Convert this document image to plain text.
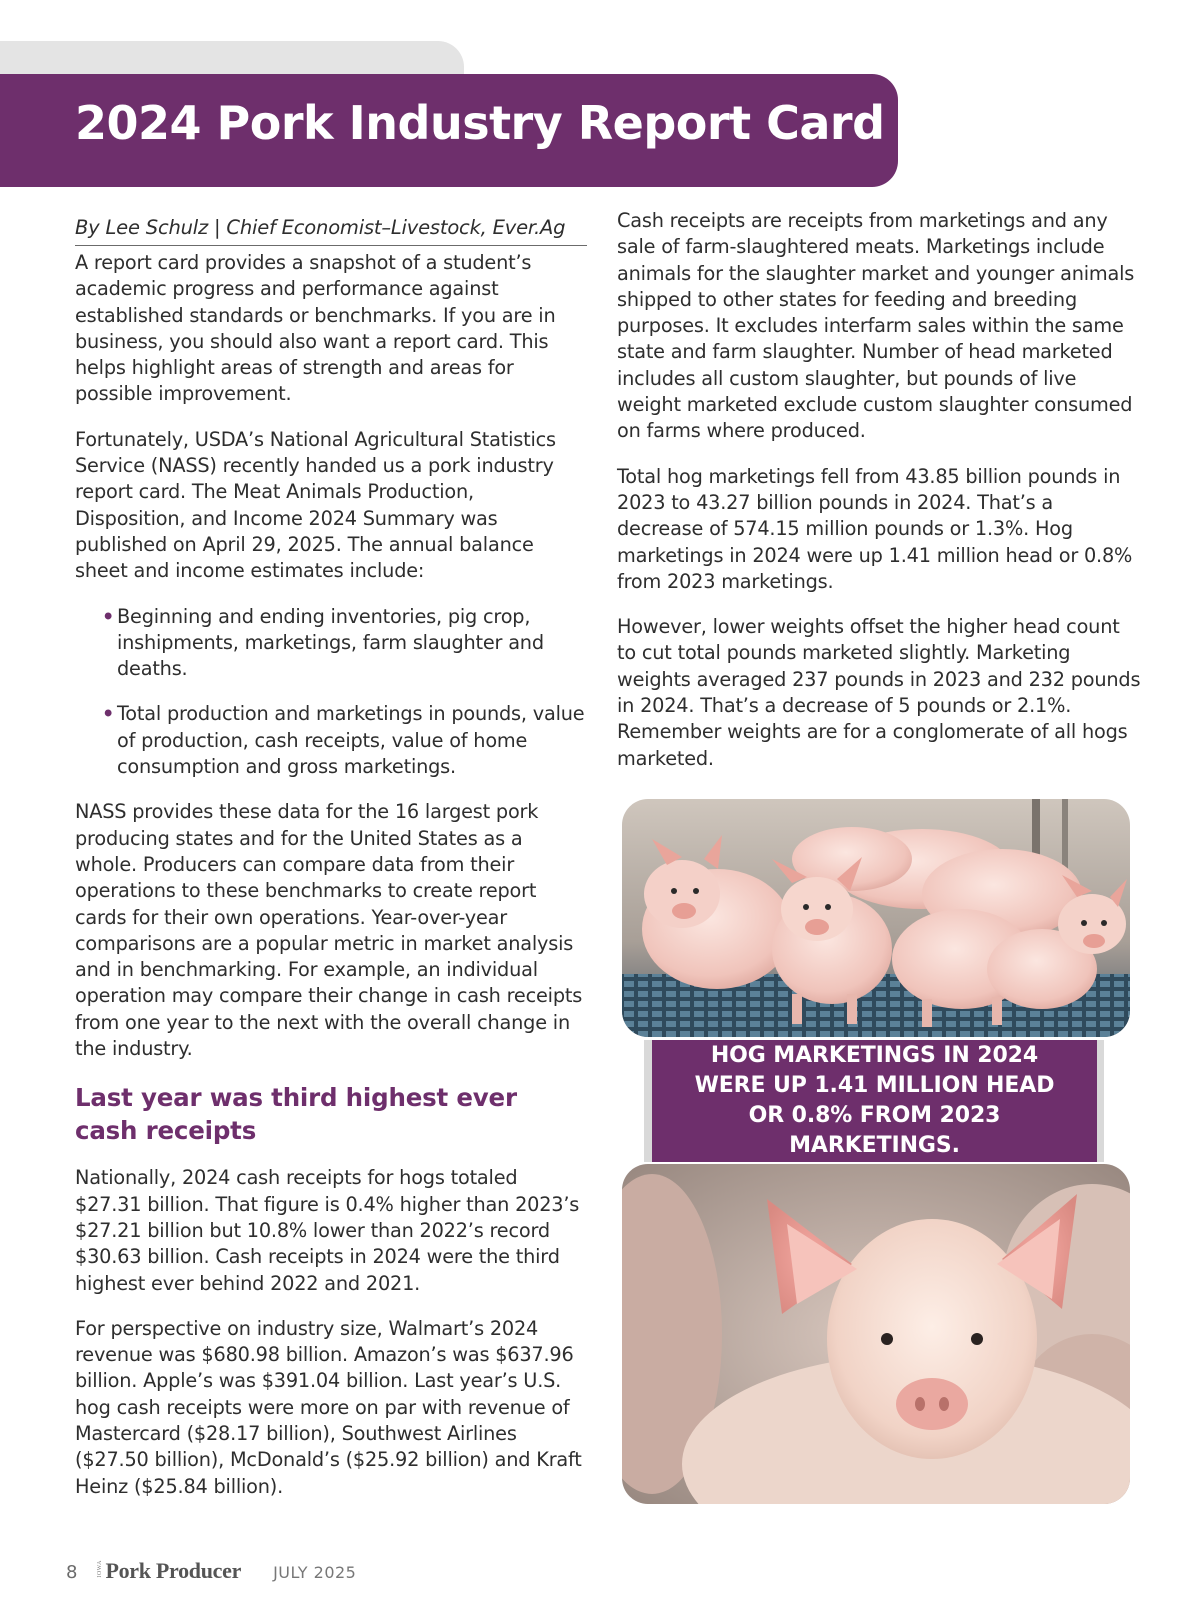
2024 Pork Industry Report Card
By Lee Schulz | Chief Economist–Livestock, Ever.Ag

A report card provides a snapshot of a student’s academic progress and performance against established standards or benchmarks. If you are in business, you should also want a report card. This helps highlight areas of strength and areas for possible improvement.

Fortunately, USDA’s National Agricultural Statistics Service (NASS) recently handed us a pork industry report card. The Meat Animals Production, Disposition, and Income 2024 Summary was published on April 29, 2025. The annual balance sheet and income estimates include:

• Beginning and ending inventories, pig crop, inshipments, marketings, farm slaughter and deaths.
• Total production and marketings in pounds, value of production, cash receipts, value of home consumption and gross marketings.

NASS provides these data for the 16 largest pork producing states and for the United States as a whole. Producers can compare data from their operations to these benchmarks to create report cards for their own operations. Year-over-year comparisons are a popular metric in market analysis and in benchmarking. For example, an individual operation may compare their change in cash receipts from one year to the next with the overall change in the industry.

Last year was third highest ever cash receipts

Nationally, 2024 cash receipts for hogs totaled $27.31 billion. That figure is 0.4% higher than 2023’s $27.21 billion but 10.8% lower than 2022’s record $30.63 billion. Cash receipts in 2024 were the third highest ever behind 2022 and 2021.

For perspective on industry size, Walmart’s 2024 revenue was $680.98 billion. Amazon’s was $637.96 billion. Apple’s was $391.04 billion. Last year’s U.S. hog cash receipts were more on par with revenue of Mastercard ($28.17 billion), Southwest Airlines ($27.50 billion), McDonald’s ($25.92 billion) and Kraft Heinz ($25.84 billion).

Cash receipts are receipts from marketings and any sale of farm-slaughtered meats. Marketings include animals for the slaughter market and younger animals shipped to other states for feeding and breeding purposes. It excludes interfarm sales within the same state and farm slaughter. Number of head marketed includes all custom slaughter, but pounds of live weight marketed exclude custom slaughter consumed on farms where produced.

Total hog marketings fell from 43.85 billion pounds in 2023 to 43.27 billion pounds in 2024. That’s a decrease of 574.15 million pounds or 1.3%. Hog marketings in 2024 were up 1.41 million head or 0.8% from 2023 marketings.

However, lower weights offset the higher head count to cut total pounds marketed slightly. Marketing weights averaged 237 pounds in 2023 and 232 pounds in 2024. That’s a decrease of 5 pounds or 2.1%. Remember weights are for a conglomerate of all hogs marketed.

HOG MARKETINGS IN 2024 WERE UP 1.41 MILLION HEAD OR 0.8% FROM 2023 MARKETINGS.
8	IOWA Pork Producer JULY 2025
